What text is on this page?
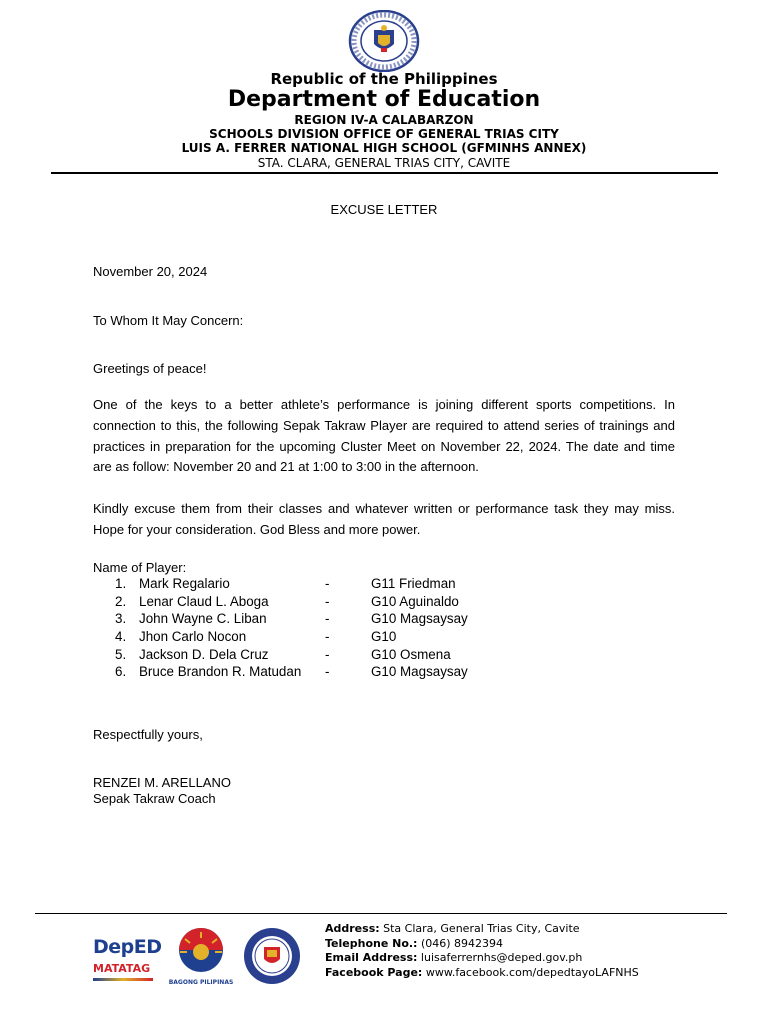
Republic of the Philippines
Department of Education
REGION IV-A CALABARZON
SCHOOLS DIVISION OFFICE OF GENERAL TRIAS CITY
LUIS A. FERRER NATIONAL HIGH SCHOOL (GFMINHS ANNEX)
STA. CLARA, GENERAL TRIAS CITY, CAVITE
EXCUSE LETTER
November 20, 2024
To Whom It May Concern:
Greetings of peace!
One of the keys to a better athlete’s performance is joining different sports competitions. In connection to this, the following Sepak Takraw Player are required to attend series of trainings and practices in preparation for the upcoming Cluster Meet on November 22, 2024. The date and time are as follow: November 20 and 21 at 1:00 to 3:00 in the afternoon.
Kindly excuse them from their classes and whatever written or performance task they may miss. Hope for your consideration. God Bless and more power.
Name of Player:
1. Mark Regalario	-	G11 Friedman
2. Lenar Claud L. Aboga	-	G10 Aguinaldo
3. John Wayne C. Liban	-	G10 Magsaysay
4. Jhon Carlo Nocon	-	G10
5. Jackson D. Dela Cruz	-	G10 Osmena
6. Bruce Brandon R. Matudan -	G10 Magsaysay
Respectfully yours,
RENZEI M. ARELLANO
Sepak Takraw Coach
DepED
MATATAG
BAGONG PILIPINAS
Address: Sta Clara, General Trias City, Cavite
Telephone No.: (046) 8942394
Email Address: luisaferrernhs@deped.gov.ph
Facebook Page: www.facebook.com/depedtayoLAFNHS
